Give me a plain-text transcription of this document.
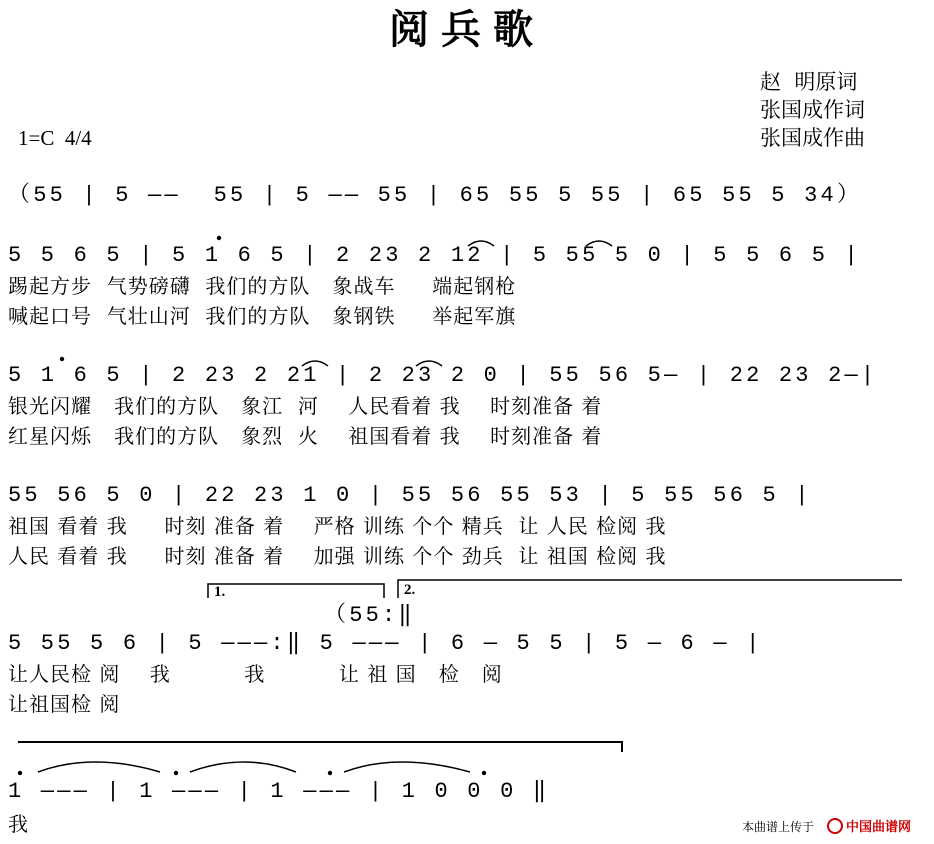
阅兵歌
赵  明原词
张国成作词
张国成作曲
1=C  4/4
（55 | 5 ——  55 | 5 —— 55 | 65 55 5 55 | 65 55 5 34）
5 5 6 5 | 5 1 6 5 | 2 23 2 12 | 5 55 5 0 | 5 5 6 5 |
踢起方步  气势磅礴  我们的方队   象战车     端起钢枪
喊起口号  气壮山河  我们的方队   象钢铁     举起军旗
5 1 6 5 | 2 23 2 21 | 2 23 2 0 | 55 56 5— | 22 23 2—|
银光闪耀   我们的方队   象江  河    人民看着 我    时刻准备 着
红星闪烁   我们的方队   象烈  火    祖国看着 我    时刻准备 着
55 56 5 0 | 22 23 1 0 | 55 56 55 53 | 5 55 56 5 |
祖国 看着 我     时刻 准备 着    严格 训练 个个 精兵  让 人民 检阅 我
人民 看着 我     时刻 准备 着    加强 训练 个个 劲兵  让 祖国 检阅 我
1.	2.
（55:‖
5 55 5 6 | 5 ———:‖ 5 ——— | 6 — 5 5 | 5 — 6 — |
让人民检 阅    我          我          让 祖 国   检   阅
让祖国检 阅
1 ——— | 1 ——— | 1 ——— | 1 0 0 0 ‖
我	本曲谱上传于 中国曲谱网
